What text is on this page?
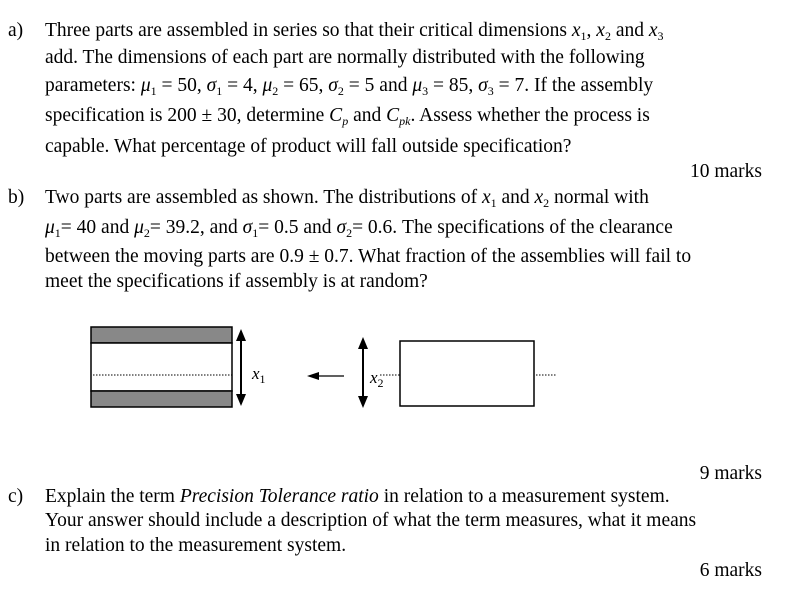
a) Three parts are assembled in series so that their critical dimensions $x_1$, $x_2$ and $x_3$
add. The dimensions of each part are normally distributed with the following
parameters: $\mu_1 = 50$, $\sigma_1 = 4$, $\mu_2 = 65$, $\sigma_2 = 5$ and $\mu_3 = 85$, $\sigma_3 = 7$. If the assembly
specification is 200 ± 30, determine $C_p$ and $C_{pk}$. Assess whether the process is
capable. What percentage of product will fall outside specification?
10 marks
b) Two parts are assembled as shown. The distributions of $x_1$ and $x_2$ normal with
$\mu_1= 40$ and $\mu_2= 39.2$, and $\sigma_1= 0.5$ and $\sigma_2= 0.6$. The specifications of the clearance
between the moving parts are 0.9 ± 0.7. What fraction of the assemblies will fail to
meet the specifications if assembly is at random?
$x_1$	$x_2$
9 marks
c) Explain the term Precision Tolerance ratio in relation to a measurement system.
Your answer should include a description of what the term measures, what it means
in relation to the measurement system.
6 marks
